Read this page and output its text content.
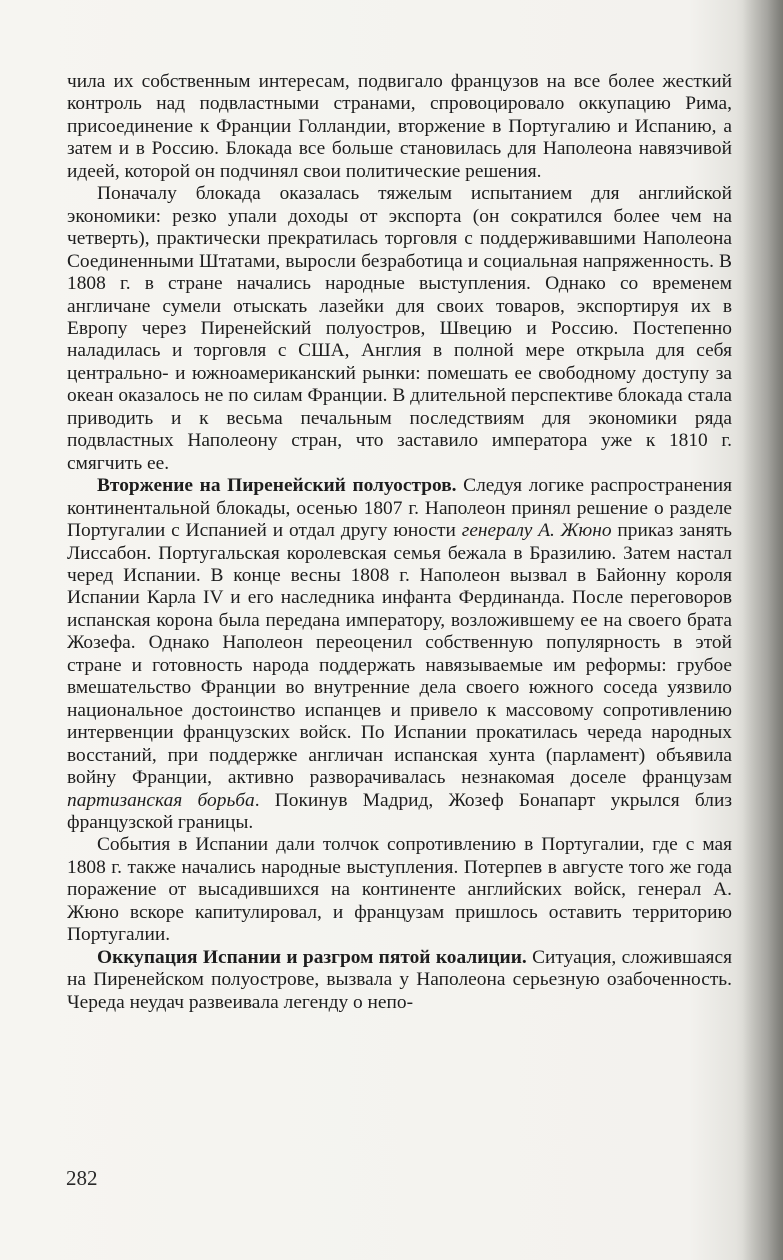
чила их собственным интересам, подвигало французов на все более жесткий контроль над подвластными странами, спровоцировало оккупацию Рима, присоединение к Франции Голландии, вторжение в Португалию и Испанию, а затем и в Россию. Блокада все больше становилась для Наполеона навязчивой идеей, которой он подчинял свои политические решения.

Поначалу блокада оказалась тяжелым испытанием для английской экономики: резко упали доходы от экспорта (он сократился более чем на четверть), практически прекратилась торговля с поддерживавшими Наполеона Соединенными Штатами, выросли безработица и социальная напряженность. В 1808 г. в стране начались народные выступления. Однако со временем англичане сумели отыскать лазейки для своих товаров, экспортируя их в Европу через Пиренейский полуостров, Швецию и Россию. Постепенно наладилась и торговля с США, Англия в полной мере открыла для себя центрально- и южноамериканский рынки: помешать ее свободному доступу за океан оказалось не по силам Франции. В длительной перспективе блокада стала приводить и к весьма печальным последствиям для экономики ряда подвластных Наполеону стран, что заставило императора уже к 1810 г. смягчить ее.

Вторжение на Пиренейский полуостров. Следуя логике распространения континентальной блокады, осенью 1807 г. Наполеон принял решение о разделе Португалии с Испанией и отдал другу юности генералу А. Жюно приказ занять Лиссабон. Португальская королевская семья бежала в Бразилию. Затем настал черед Испании. В конце весны 1808 г. Наполеон вызвал в Байонну короля Испании Карла IV и его наследника инфанта Фердинанда. После переговоров испанская корона была передана императору, возложившему ее на своего брата Жозефа. Однако Наполеон переоценил собственную популярность в этой стране и готовность народа поддержать навязываемые им реформы: грубое вмешательство Франции во внутренние дела своего южного соседа уязвило национальное достоинство испанцев и привело к массовому сопротивлению интервенции французских войск. По Испании прокатилась череда народных восстаний, при поддержке англичан испанская хунта (парламент) объявила войну Франции, активно разворачивалась незнакомая доселе французам партизанская борьба. Покинув Мадрид, Жозеф Бонапарт укрылся близ французской границы.

События в Испании дали толчок сопротивлению в Португалии, где с мая 1808 г. также начались народные выступления. Потерпев в августе того же года поражение от высадившихся на континенте английских войск, генерал А. Жюно вскоре капитулировал, и французам пришлось оставить территорию Португалии.

Оккупация Испании и разгром пятой коалиции. Ситуация, сложившаяся на Пиренейском полуострове, вызвала у Наполеона серьезную озабоченность. Череда неудач развеивала легенду о непо-

282
